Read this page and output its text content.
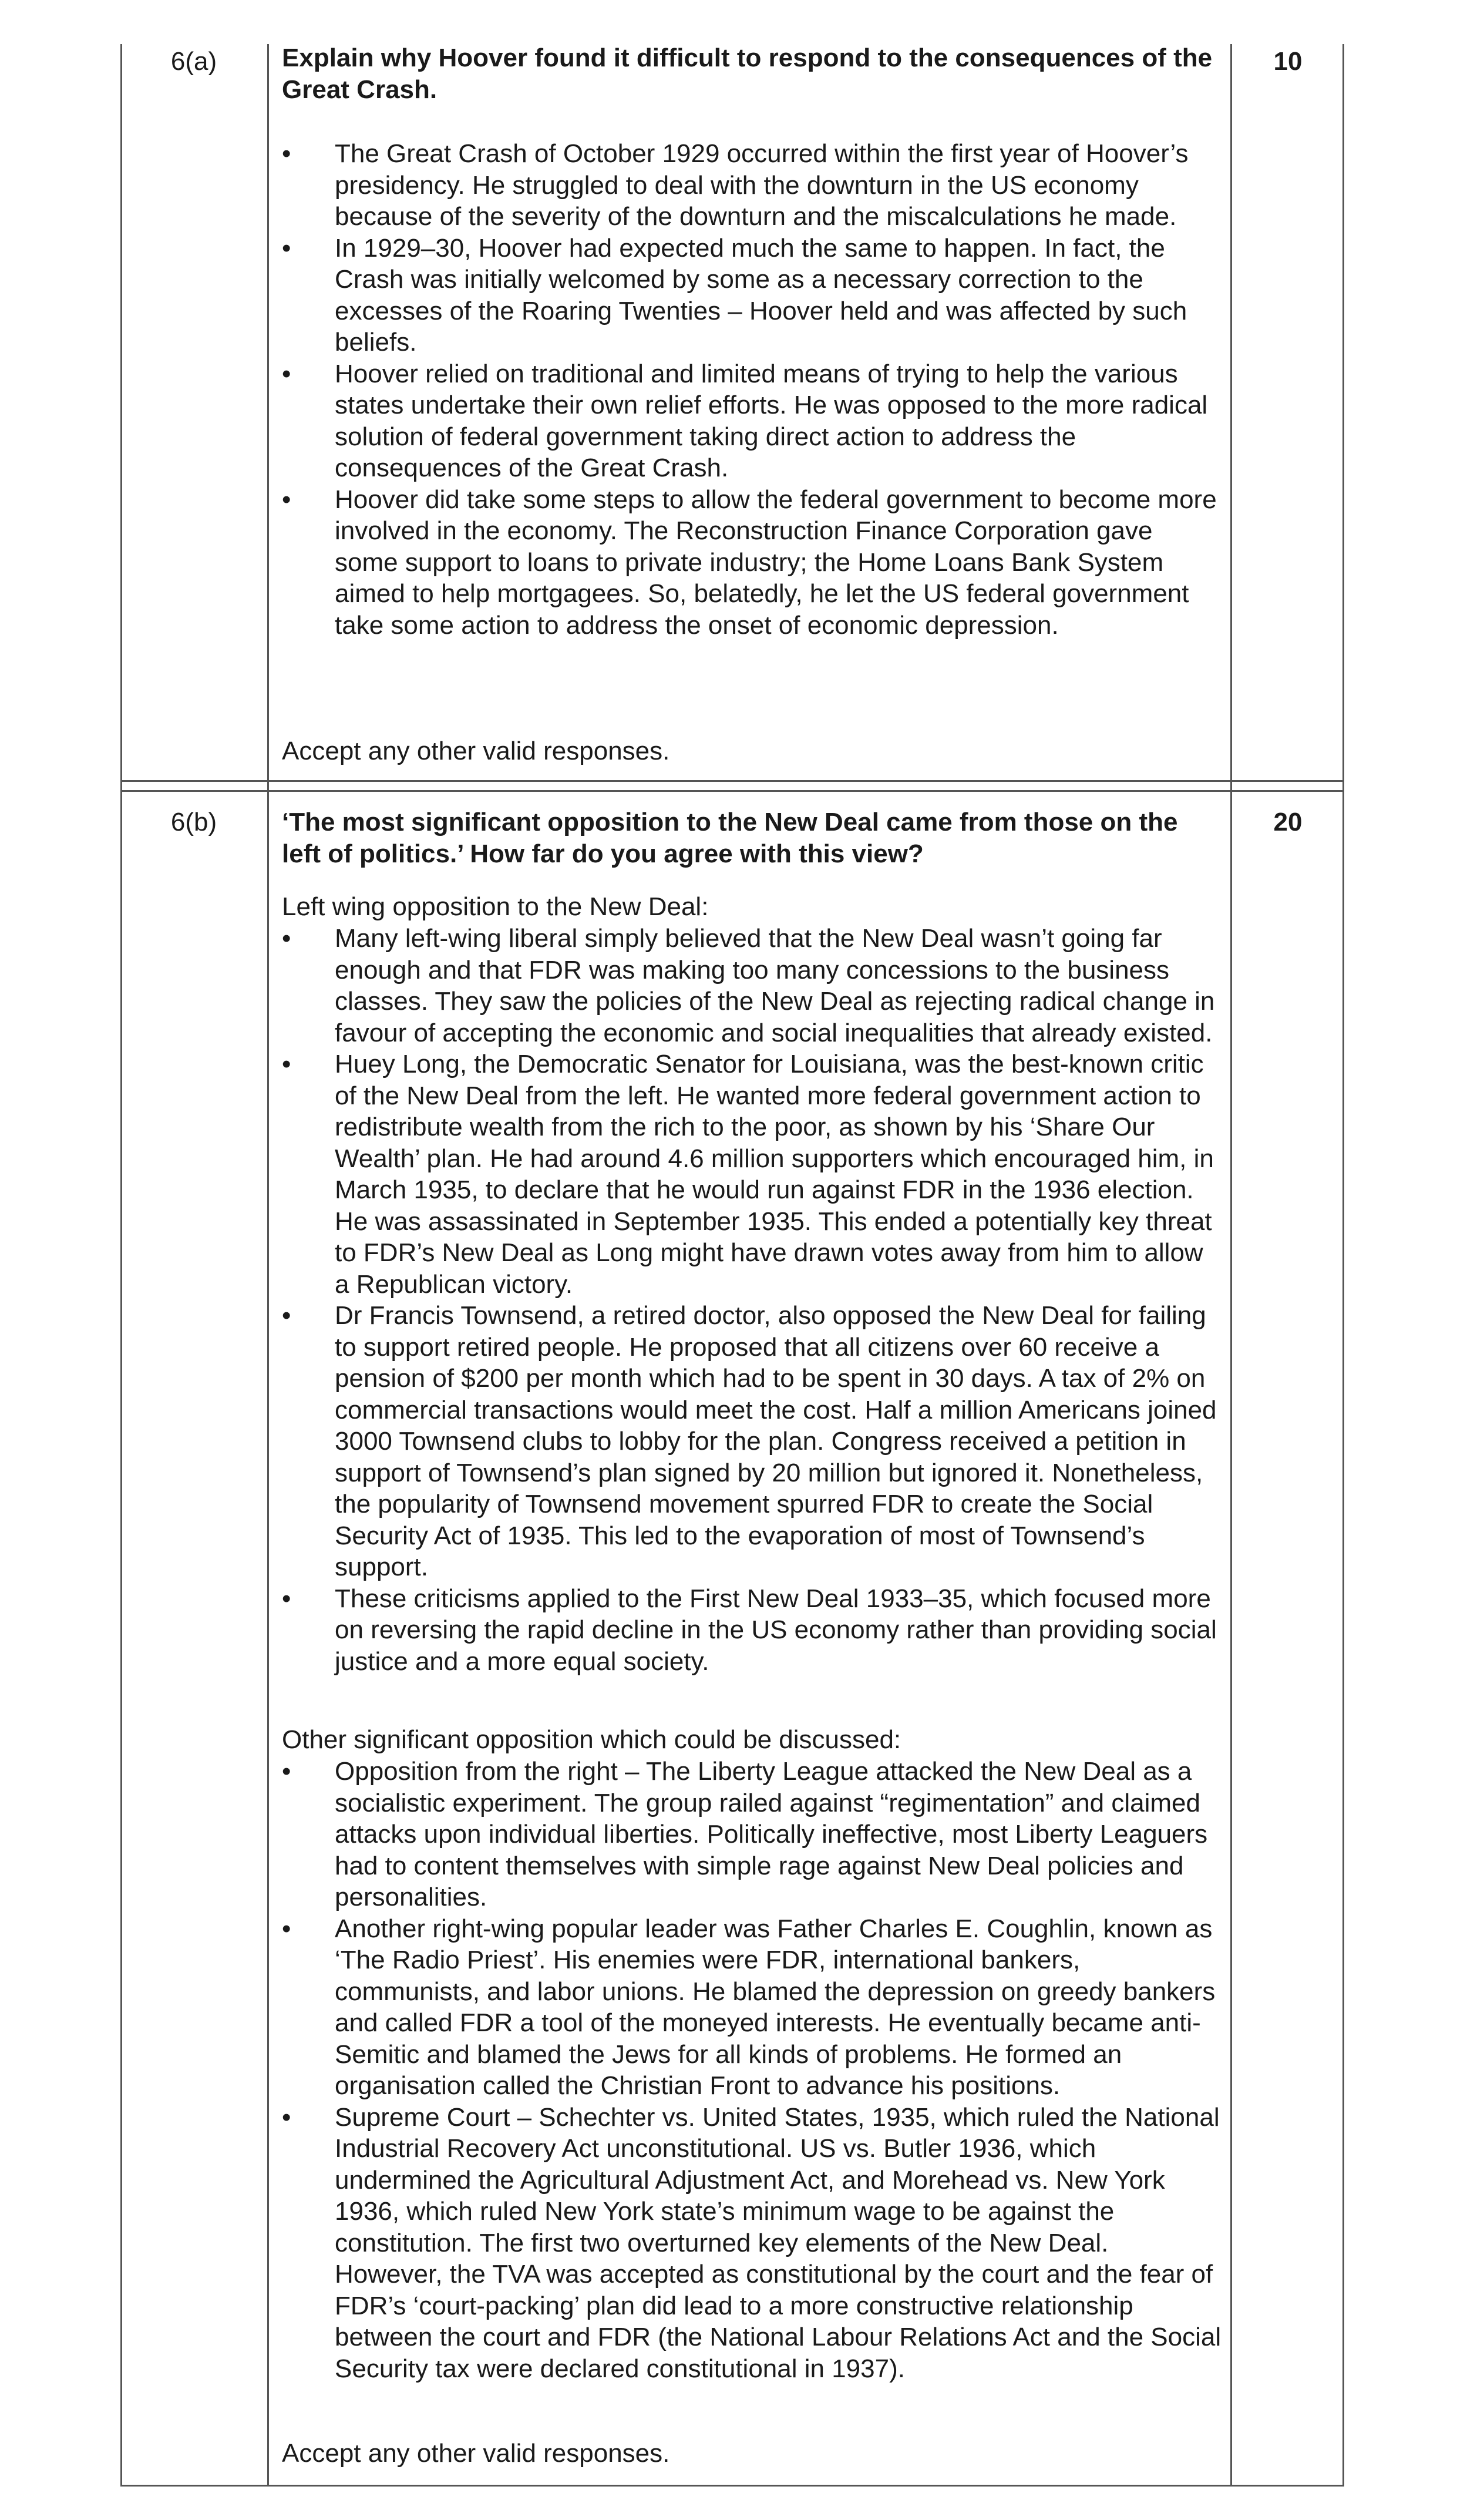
6(a)	10
Explain why Hoover found it difficult to respond to the consequences of the Great Crash.
• The Great Crash of October 1929 occurred within the first year of Hoover’s presidency. He struggled to deal with the downturn in the US economy because of the severity of the downturn and the miscalculations he made.
• In 1929–30, Hoover had expected much the same to happen. In fact, the Crash was initially welcomed by some as a necessary correction to the excesses of the Roaring Twenties – Hoover held and was affected by such beliefs.
• Hoover relied on traditional and limited means of trying to help the various states undertake their own relief efforts. He was opposed to the more radical solution of federal government taking direct action to address the consequences of the Great Crash.
• Hoover did take some steps to allow the federal government to become more involved in the economy. The Reconstruction Finance Corporation gave some support to loans to private industry; the Home Loans Bank System aimed to help mortgagees. So, belatedly, he let the US federal government take some action to address the onset of economic depression.
Accept any other valid responses.
6(b)	20
‘The most significant opposition to the New Deal came from those on the left of politics.’ How far do you agree with this view?
Left wing opposition to the New Deal:
• Many left-wing liberal simply believed that the New Deal wasn’t going far enough and that FDR was making too many concessions to the business classes. They saw the policies of the New Deal as rejecting radical change in favour of accepting the economic and social inequalities that already existed.
• Huey Long, the Democratic Senator for Louisiana, was the best-known critic of the New Deal from the left. He wanted more federal government action to redistribute wealth from the rich to the poor, as shown by his ‘Share Our Wealth’ plan. He had around 4.6 million supporters which encouraged him, in March 1935, to declare that he would run against FDR in the 1936 election. He was assassinated in September 1935. This ended a potentially key threat to FDR’s New Deal as Long might have drawn votes away from him to allow a Republican victory.
• Dr Francis Townsend, a retired doctor, also opposed the New Deal for failing to support retired people. He proposed that all citizens over 60 receive a pension of $200 per month which had to be spent in 30 days. A tax of 2% on commercial transactions would meet the cost. Half a million Americans joined 3000 Townsend clubs to lobby for the plan. Congress received a petition in support of Townsend’s plan signed by 20 million but ignored it. Nonetheless, the popularity of Townsend movement spurred FDR to create the Social Security Act of 1935. This led to the evaporation of most of Townsend’s support.
• These criticisms applied to the First New Deal 1933–35, which focused more on reversing the rapid decline in the US economy rather than providing social justice and a more equal society.
Other significant opposition which could be discussed:
• Opposition from the right – The Liberty League attacked the New Deal as a socialistic experiment. The group railed against “regimentation” and claimed attacks upon individual liberties. Politically ineffective, most Liberty Leaguers had to content themselves with simple rage against New Deal policies and personalities.
• Another right-wing popular leader was Father Charles E. Coughlin, known as ‘The Radio Priest’. His enemies were FDR, international bankers, communists, and labor unions. He blamed the depression on greedy bankers and called FDR a tool of the moneyed interests. He eventually became anti-Semitic and blamed the Jews for all kinds of problems. He formed an organisation called the Christian Front to advance his positions.
• Supreme Court – Schechter vs. United States, 1935, which ruled the National Industrial Recovery Act unconstitutional. US vs. Butler 1936, which undermined the Agricultural Adjustment Act, and Morehead vs. New York 1936, which ruled New York state’s minimum wage to be against the constitution. The first two overturned key elements of the New Deal. However, the TVA was accepted as constitutional by the court and the fear of FDR’s ‘court-packing’ plan did lead to a more constructive relationship between the court and FDR (the National Labour Relations Act and the Social Security tax were declared constitutional in 1937).
Accept any other valid responses.
